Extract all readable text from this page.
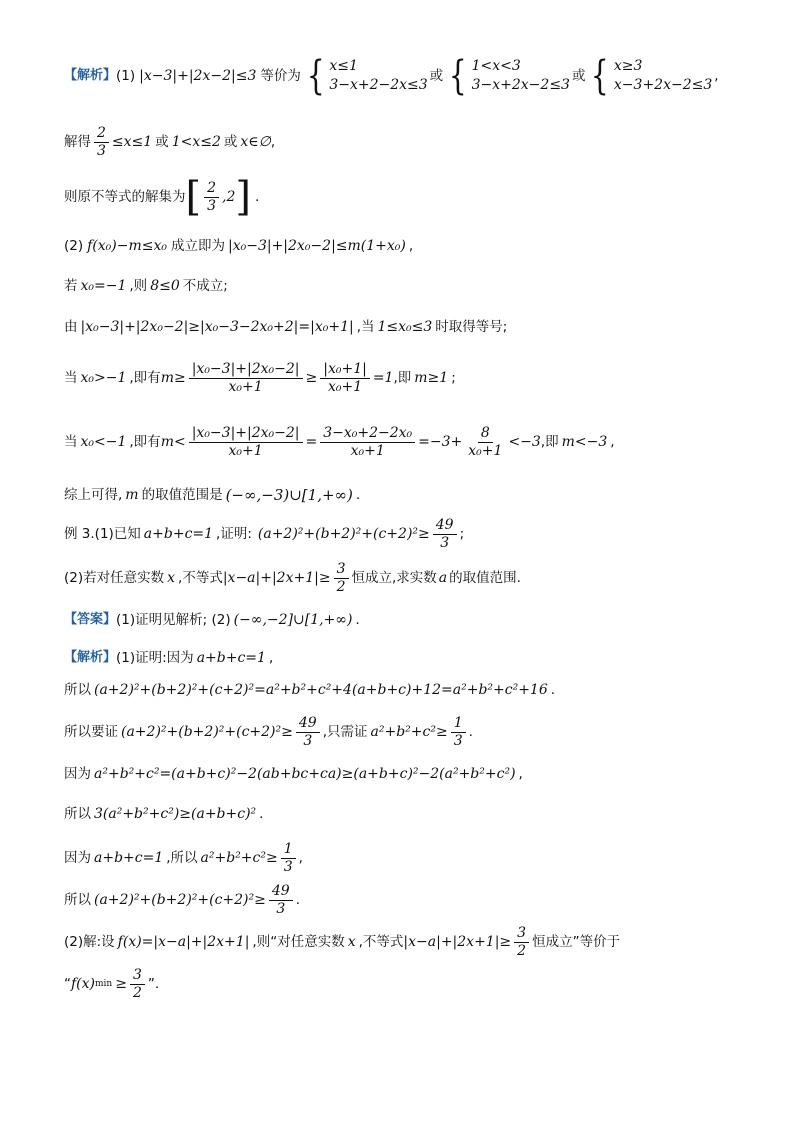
【解析】 (1) |x−3|+|2x−2|≤3 等价为 { x≤1
3−x+2−2x≤3
或 { 1<x<3
3−x+2x−2≤3
或 { x≥3
x−3+2x−2≤3
,
解得 $\frac{2}{3} \le x\le 1$ 或 1<x≤2 或 x∈∅ ,
则原不等式的解集为 [ $\frac{2}{3} ,2$ ] .
(2) f(x₀)−m≤x₀ 成立即为 |x₀−3|+|2x₀−2|≤m(1+x₀) ,
若 x₀=−1 ,则 8≤0 不成立;
由 |x₀−3|+|2x₀−2|≥|x₀−3−2x₀+2|=|x₀+1| ,当 1≤x₀≤3 时取得等号;
当 x₀>−1 ,即有 $m\ge \frac{\text{|x₀−3|+|2x₀−2|}}{\text{x₀+1}} \ge \frac{\text{|x₀+1|}}{\text{x₀+1}} =1$ ,即 m≥1 ;
当 x₀<−1 ,即有 $m< \frac{\text{|x₀−3|+|2x₀−2|}}{\text{x₀+1}} = \frac{\text{3−x₀+2−2x₀}}{\text{x₀+1}} =-3+ \frac{8}{\text{x₀+1}} <-3$ ,即 m<−3 ,
综上可得, m 的取值范围是 (−∞,−3)∪[1,+∞) .
例 3.(1)已知 a+b+c=1 ,证明: $(a+2)^2+(b+2)^2+(c+2)^2\ge \frac{49}{3}$ ;
(2)若对任意实数 x ,不等式 $|x-a|+|2x+1|\ge \frac{3}{2}$ 恒成立,求实数 a 的取值范围.
【答案】 (1)证明见解析; (2) (−∞,−2]∪[1,+∞) .
【解析】 (1)证明:因为 a+b+c=1 ,
所以 (a+2)²+(b+2)²+(c+2)²=a²+b²+c²+4(a+b+c)+12=a²+b²+c²+16 .
所以要证 $(a+2)^2+(b+2)^2+(c+2)^2\ge \frac{49}{3}$ ,只需证 $a^2+b^2+c^2\ge \frac{1}{3}$ .
因为 a²+b²+c²=(a+b+c)²−2(ab+bc+ca)≥(a+b+c)²−2(a²+b²+c²) ,
所以 3(a²+b²+c²)≥(a+b+c)² .
因为 a+b+c=1 ,所以 $a^2+b^2+c^2\ge \frac{1}{3}$ ,
所以 $(a+2)^2+(b+2)^2+(c+2)^2\ge \frac{49}{3}$ .
(2)解:设 f(x)=|x−a|+|2x+1| ,则“对任意实数 x ,不等式 $|x-a|+|2x+1|\ge \frac{3}{2}$ 恒成立”等价于
“ f(x) $\min \ge \frac{3}{2}$ ”.
